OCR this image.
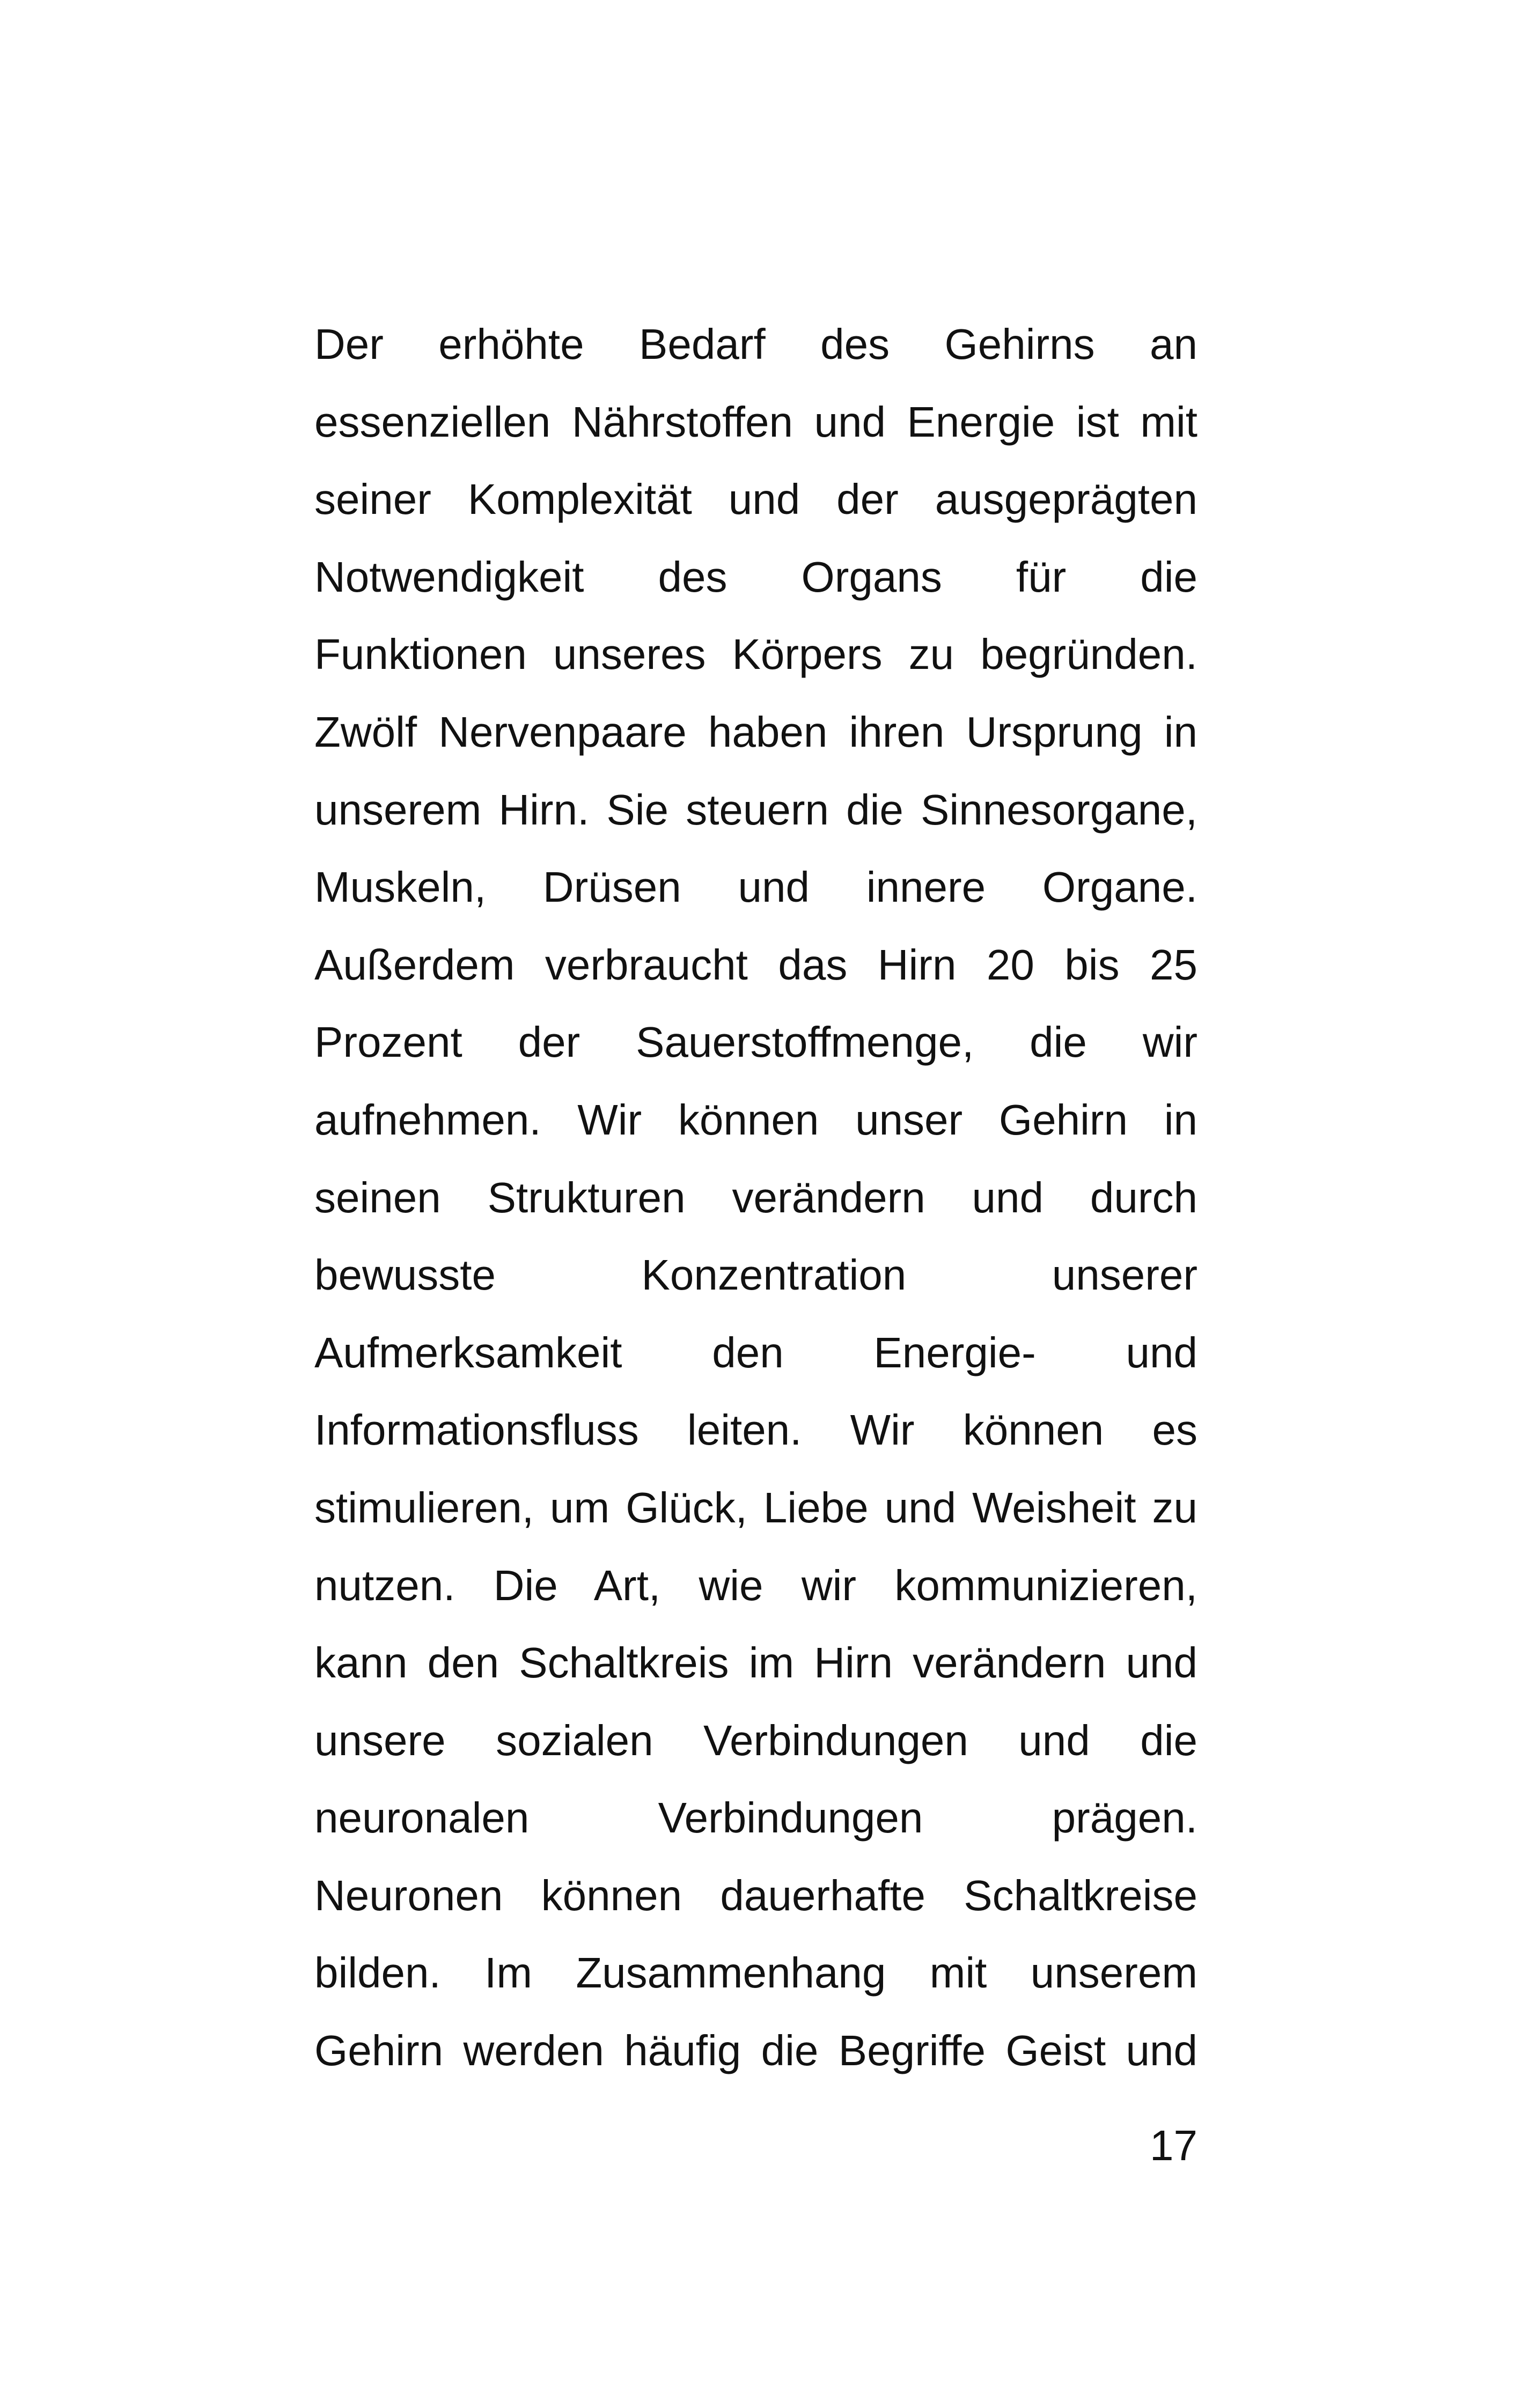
Der erhöhte Bedarf des Gehirns an
essenziellen Nährstoffen und Energie ist mit
seiner Komplexität und der ausgeprägten
Notwendigkeit des Organs für die
Funktionen unseres Körpers zu begründen.
Zwölf Nervenpaare haben ihren Ursprung in
unserem Hirn. Sie steuern die Sinnesorgane,
Muskeln, Drüsen und innere Organe.
Außerdem verbraucht das Hirn 20 bis 25
Prozent der Sauerstoffmenge, die wir
aufnehmen. Wir können unser Gehirn in
seinen Strukturen verändern und durch
bewusste Konzentration unserer
Aufmerksamkeit den Energie- und
Informationsfluss leiten. Wir können es
stimulieren, um Glück, Liebe und Weisheit zu
nutzen. Die Art, wie wir kommunizieren,
kann den Schaltkreis im Hirn verändern und
unsere sozialen Verbindungen und die
neuronalen Verbindungen prägen.
Neuronen können dauerhafte Schaltkreise
bilden. Im Zusammenhang mit unserem
Gehirn werden häufig die Begriffe Geist und
17
